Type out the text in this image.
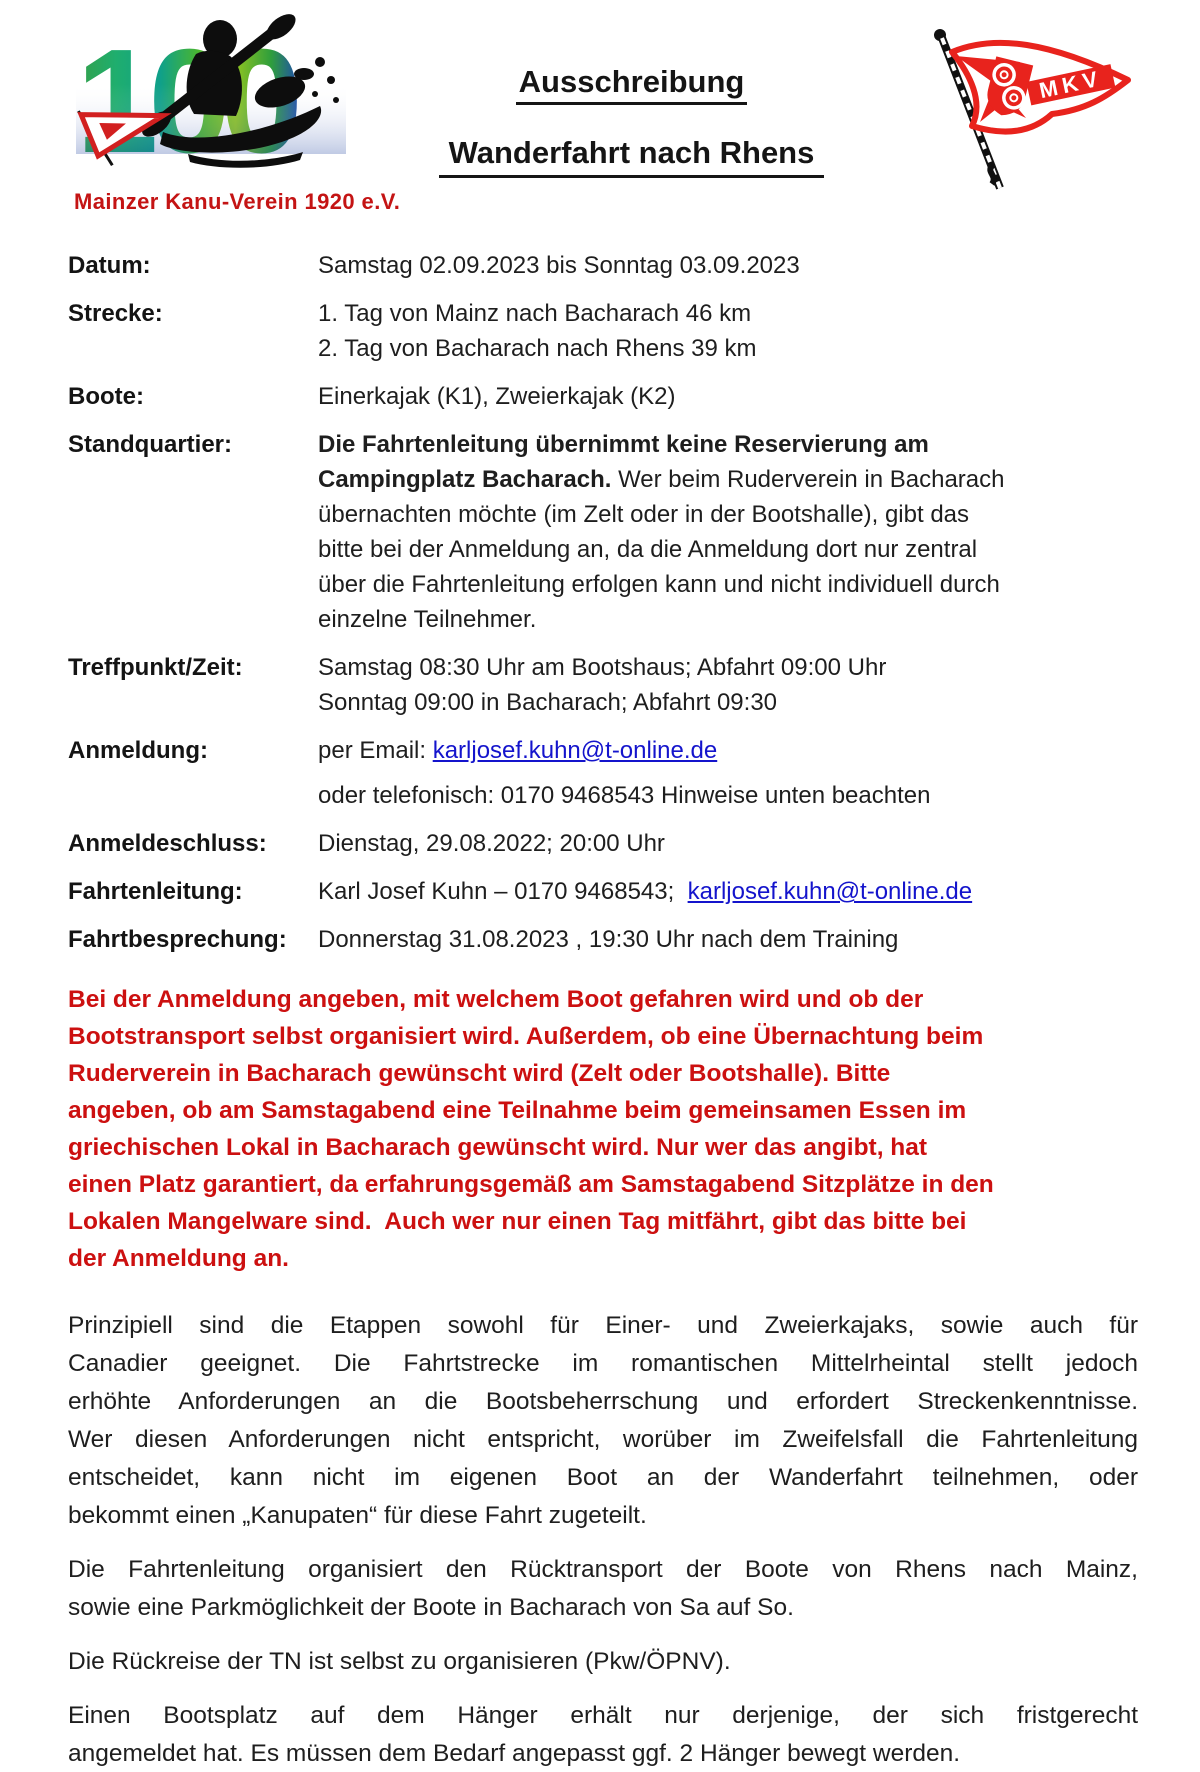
Mainzer Kanu-Verein 1920 e.V.
Ausschreibung
Wanderfahrt nach Rhens
MKV
Datum:	Samstag 02.09.2023 bis Sonntag 03.09.2023
Strecke:	1. Tag von Mainz nach Bacharach 46 km
2. Tag von Bacharach nach Rhens 39 km
Boote:	Einerkajak (K1), Zweierkajak (K2)
Standquartier:	Die Fahrtenleitung übernimmt keine Reservierung am
Campingplatz Bacharach. Wer beim Ruderverein in Bacharach
übernachten möchte (im Zelt oder in der Bootshalle), gibt das
bitte bei der Anmeldung an, da die Anmeldung dort nur zentral
über die Fahrtenleitung erfolgen kann und nicht individuell durch
einzelne Teilnehmer.
Treffpunkt/Zeit:	Samstag 08:30 Uhr am Bootshaus; Abfahrt 09:00 Uhr
Sonntag 09:00 in Bacharach; Abfahrt 09:30
Anmeldung:	per Email: karljosef.kuhn@t-online.de
oder telefonisch: 0170 9468543 Hinweise unten beachten
Anmeldeschluss:	Dienstag, 29.08.2022; 20:00 Uhr
Fahrtenleitung:	Karl Josef Kuhn – 0170 9468543;  karljosef.kuhn@t-online.de
Fahrtbesprechung:	Donnerstag 31.08.2023 , 19:30 Uhr nach dem Training
Bei der Anmeldung angeben, mit welchem Boot gefahren wird und ob der
Bootstransport selbst organisiert wird. Außerdem, ob eine Übernachtung beim
Ruderverein in Bacharach gewünscht wird (Zelt oder Bootshalle). Bitte
angeben, ob am Samstagabend eine Teilnahme beim gemeinsamen Essen im
griechischen Lokal in Bacharach gewünscht wird. Nur wer das angibt, hat
einen Platz garantiert, da erfahrungsgemäß am Samstagabend Sitzplätze in den
Lokalen Mangelware sind.  Auch wer nur einen Tag mitfährt, gibt das bitte bei
der Anmeldung an.
Prinzipiell sind die Etappen sowohl für Einer- und Zweierkajaks, sowie auch für
Canadier geeignet. Die Fahrtstrecke im romantischen Mittelrheintal stellt jedoch
erhöhte Anforderungen an die Bootsbeherrschung und erfordert Streckenkenntnisse.
Wer diesen Anforderungen nicht entspricht, worüber im Zweifelsfall die Fahrtenleitung
entscheidet, kann nicht im eigenen Boot an der Wanderfahrt teilnehmen, oder
bekommt einen „Kanupaten“ für diese Fahrt zugeteilt.
Die Fahrtenleitung organisiert den Rücktransport der Boote von Rhens nach Mainz,
sowie eine Parkmöglichkeit der Boote in Bacharach von Sa auf So.
Die Rückreise der TN ist selbst zu organisieren (Pkw/ÖPNV).
Einen Bootsplatz auf dem Hänger erhält nur derjenige, der sich fristgerecht
angemeldet hat. Es müssen dem Bedarf angepasst ggf. 2 Hänger bewegt werden.
